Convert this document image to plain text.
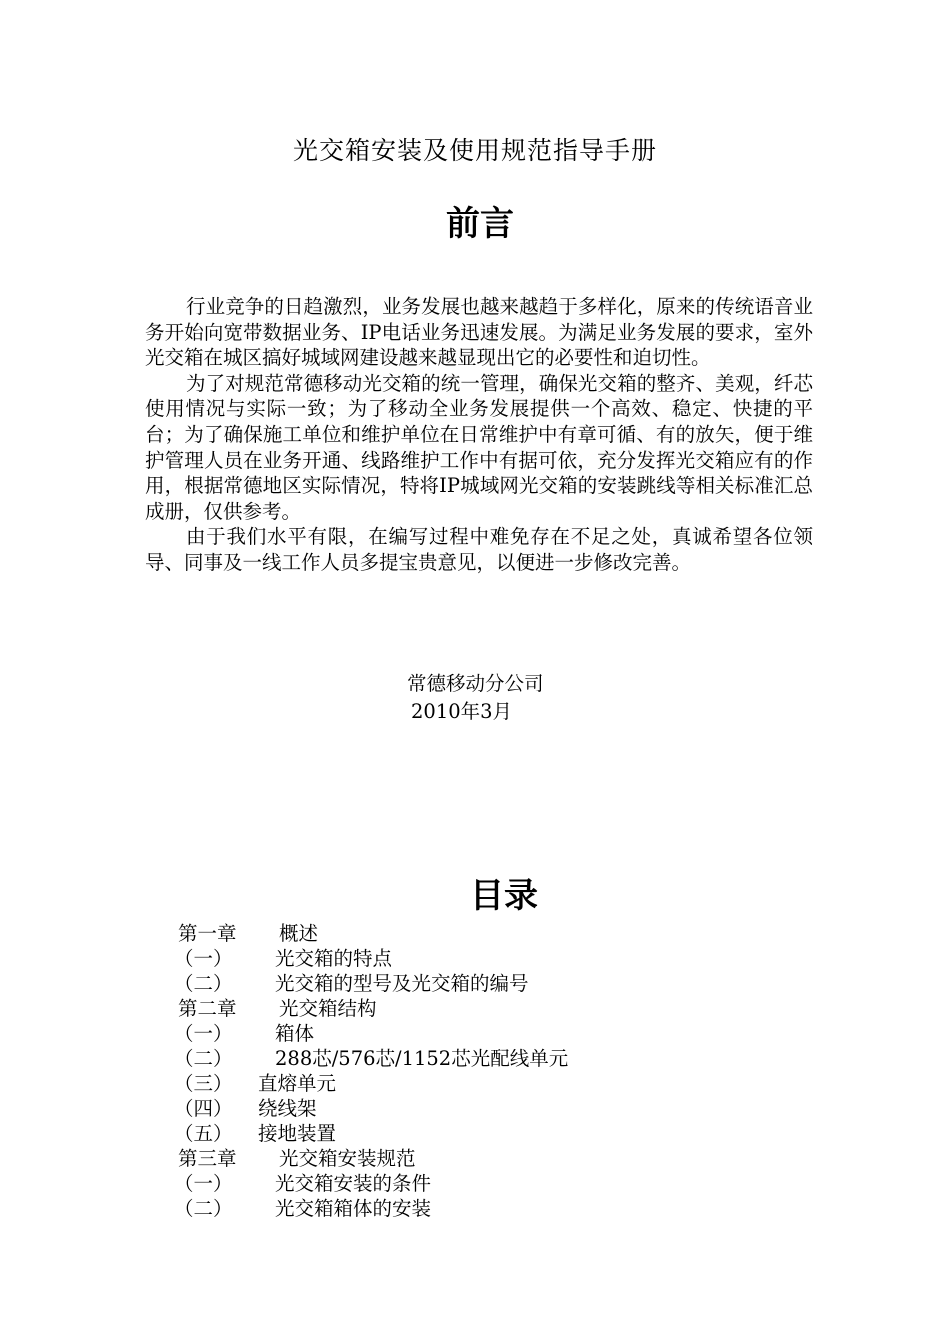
光交箱安装及使用规范指导手册
前言

行业竞争的日趋激烈，业务发展也越来越趋于多样化，原来的传统语音业务开始向宽带数据业务、IP电话业务迅速发展。为满足业务发展的要求，室外光交箱在城区搞好城域网建设越来越显现出它的必要性和迫切性。

为了对规范常德移动光交箱的统一管理，确保光交箱的整齐、美观，纤芯使用情况与实际一致；为了移动全业务发展提供一个高效、稳定、快捷的平台；为了确保施工单位和维护单位在日常维护中有章可循、有的放矢，便于维护管理人员在业务开通、线路维护工作中有据可依，充分发挥光交箱应有的作用，根据常德地区实际情况，特将IP城域网光交箱的安装跳线等相关标准汇总成册，仅供参考。

由于我们水平有限，在编写过程中难免存在不足之处，真诚希望各位领导、同事及一线工作人员多提宝贵意见，以便进一步修改完善。

常德移动分公司
2010年3月
目录
第一章	概述
（一）	光交箱的特点
（二）	光交箱的型号及光交箱的编号
第二章	光交箱结构
（一）	箱体
（二）	288芯/576芯/1152芯光配线单元
（三）	直熔单元
（四）	绕线架
（五）	接地装置
第三章	光交箱安装规范
（一）	光交箱安装的条件
（二）	光交箱箱体的安装
